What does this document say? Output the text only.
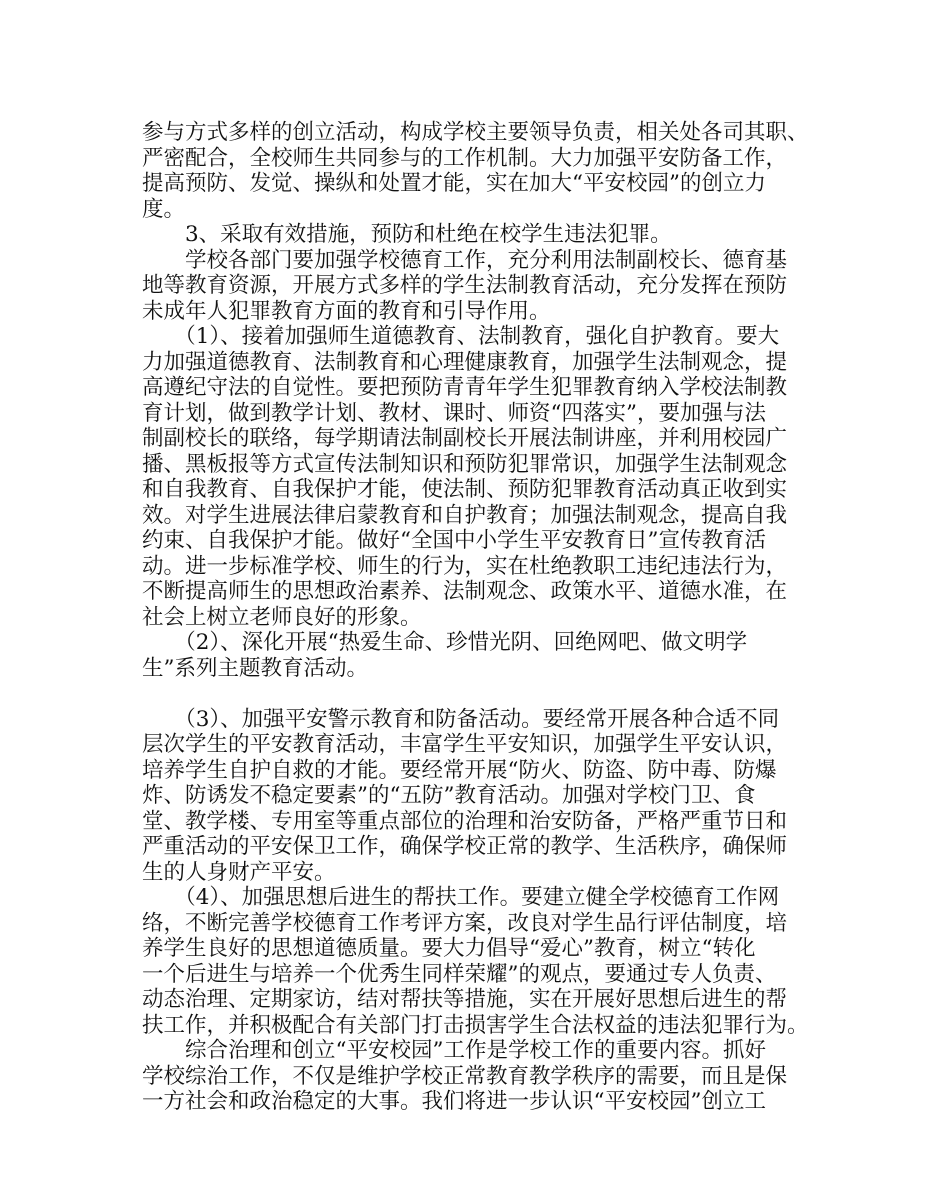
参与方式多样的创立活动，构成学校主要领导负责，相关处各司其职、
严密配合，全校师生共同参与的工作机制。大力加强平安防备工作，
提高预防、发觉、操纵和处置才能，实在加大“平安校园”的创立力
度。
　　3、采取有效措施，预防和杜绝在校学生违法犯罪。
　　学校各部门要加强学校德育工作，充分利用法制副校长、德育基
地等教育资源，开展方式多样的学生法制教育活动，充分发挥在预防
未成年人犯罪教育方面的教育和引导作用。
　　（1）、接着加强师生道德教育、法制教育，强化自护教育。要大
力加强道德教育、法制教育和心理健康教育，加强学生法制观念，提
高遵纪守法的自觉性。要把预防青青年学生犯罪教育纳入学校法制教
育计划，做到教学计划、教材、课时、师资“四落实”，要加强与法
制副校长的联络，每学期请法制副校长开展法制讲座，并利用校园广
播、黑板报等方式宣传法制知识和预防犯罪常识，加强学生法制观念
和自我教育、自我保护才能，使法制、预防犯罪教育活动真正收到实
效。对学生进展法律启蒙教育和自护教育；加强法制观念，提高自我
约束、自我保护才能。做好“全国中小学生平安教育日”宣传教育活
动。进一步标准学校、师生的行为，实在杜绝教职工违纪违法行为，
不断提高师生的思想政治素养、法制观念、政策水平、道德水准，在
社会上树立老师良好的形象。
　　（2）、深化开展“热爱生命、珍惜光阴、回绝网吧、做文明学
生”系列主题教育活动。
　　（3）、加强平安警示教育和防备活动。要经常开展各种合适不同
层次学生的平安教育活动，丰富学生平安知识，加强学生平安认识，
培养学生自护自救的才能。要经常开展“防火、防盗、防中毒、防爆
炸、防诱发不稳定要素”的“五防”教育活动。加强对学校门卫、食
堂、教学楼、专用室等重点部位的治理和治安防备，严格严重节日和
严重活动的平安保卫工作，确保学校正常的教学、生活秩序，确保师
生的人身财产平安。
　　（4）、加强思想后进生的帮扶工作。要建立健全学校德育工作网
络，不断完善学校德育工作考评方案，改良对学生品行评估制度，培
养学生良好的思想道德质量。要大力倡导“爱心”教育，树立“转化
一个后进生与培养一个优秀生同样荣耀”的观点，要通过专人负责、
动态治理、定期家访，结对帮扶等措施，实在开展好思想后进生的帮
扶工作，并积极配合有关部门打击损害学生合法权益的违法犯罪行为。
　　综合治理和创立“平安校园”工作是学校工作的重要内容。抓好
学校综治工作，不仅是维护学校正常教育教学秩序的需要，而且是保
一方社会和政治稳定的大事。我们将进一步认识“平安校园”创立工
